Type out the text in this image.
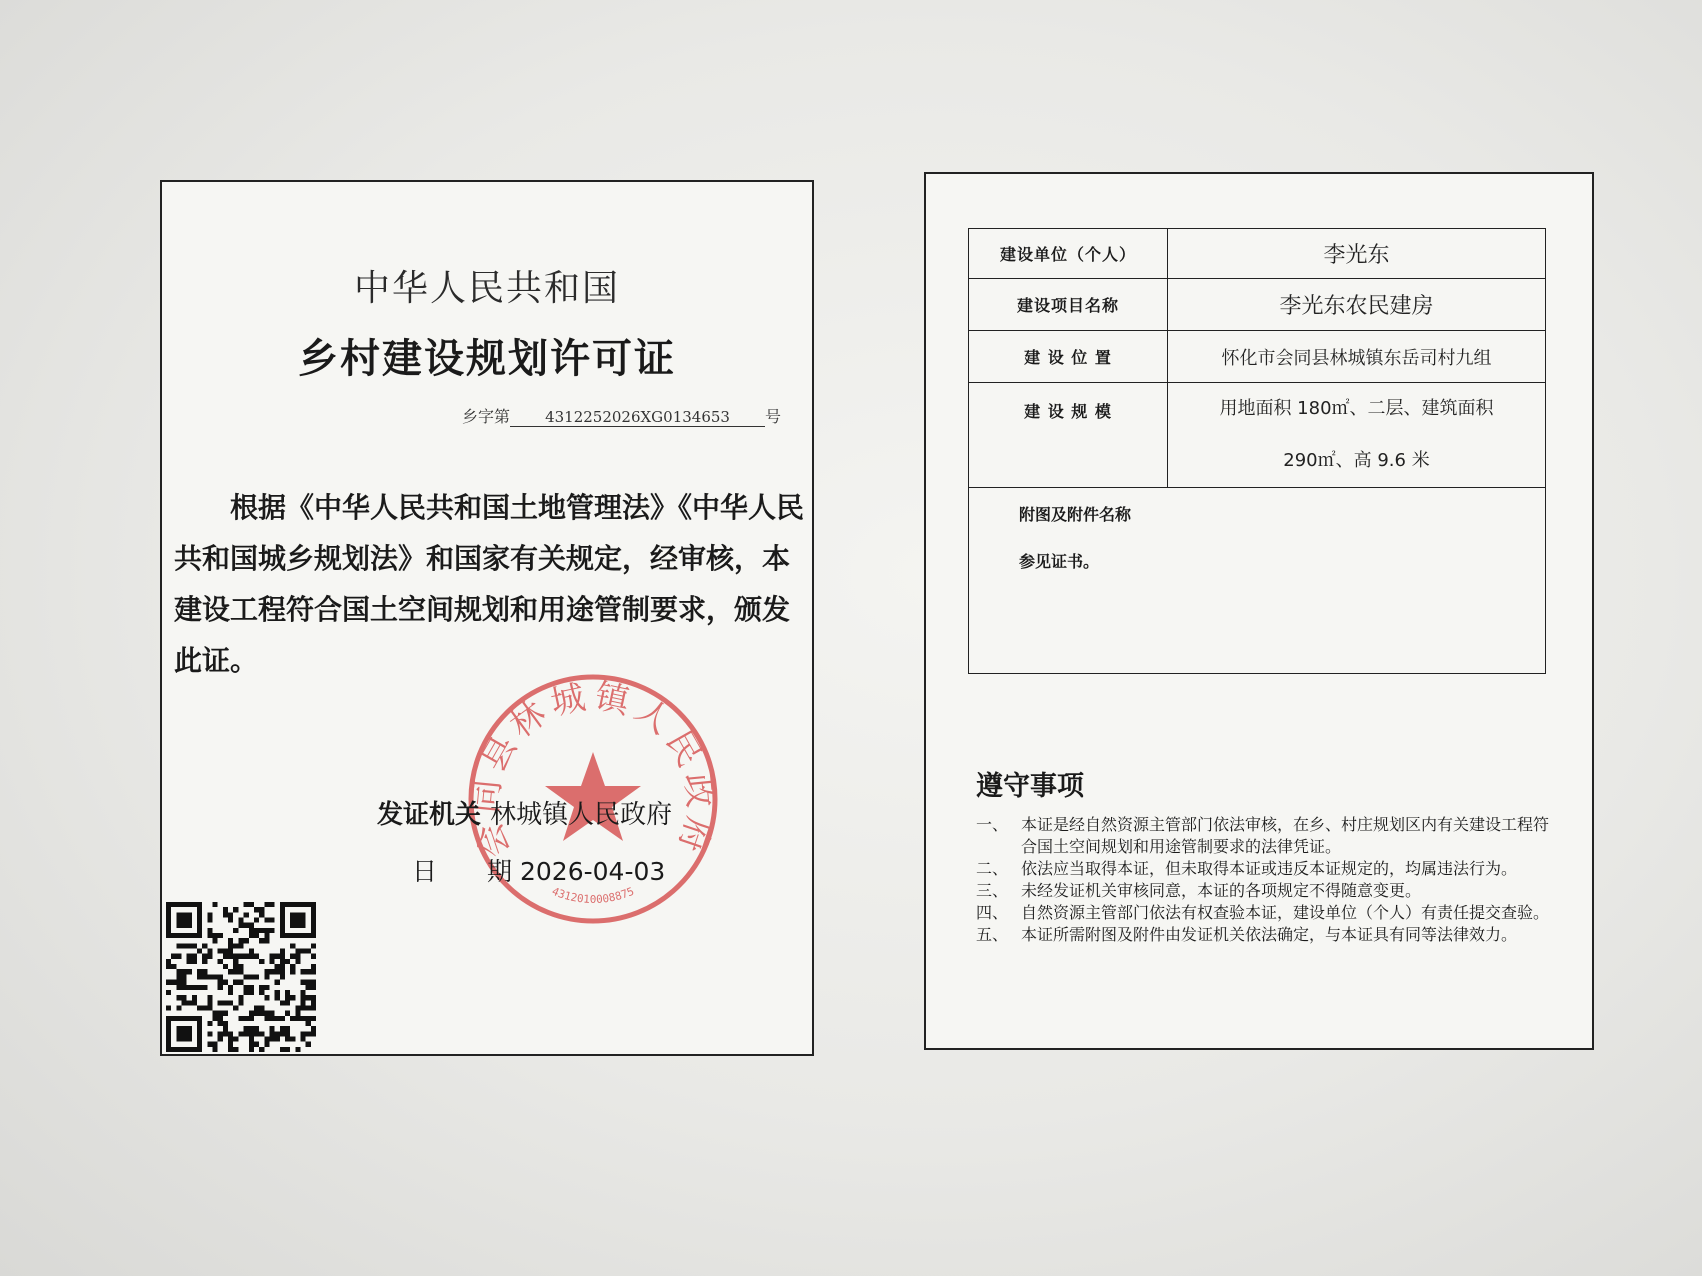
中华人民共和国
乡村建设规划许可证
乡字第 4312252026XG0134653 号
根据《中华人民共和国土地管理法》《中华人民共和国城乡规划法》和国家有关规定，经审核，本建设工程符合国土空间规划和用途管制要求，颁发此证。
会同县林城镇人民政府
4312010008875
发证机关 林城镇人民政府
日 期 2026-04-03
建设单位（个人）	李光东
建设项目名称	李光东农民建房
建 设 位 置	怀化市会同县林城镇东岳司村九组
建 设 规 模	用地面积 180㎡、二层、建筑面积
290㎡、高 9.6 米

附图及附件名称
参见证书。	
遵守事项
一、 本证是经自然资源主管部门依法审核，在乡、村庄规划区内有关建设工程符合国土空间规划和用途管制要求的法律凭证。
二、 依法应当取得本证，但未取得本证或违反本证规定的，均属违法行为。
三、 未经发证机关审核同意，本证的各项规定不得随意变更。
四、 自然资源主管部门依法有权查验本证，建设单位（个人）有责任提交查验。
五、 本证所需附图及附件由发证机关依法确定，与本证具有同等法律效力。
